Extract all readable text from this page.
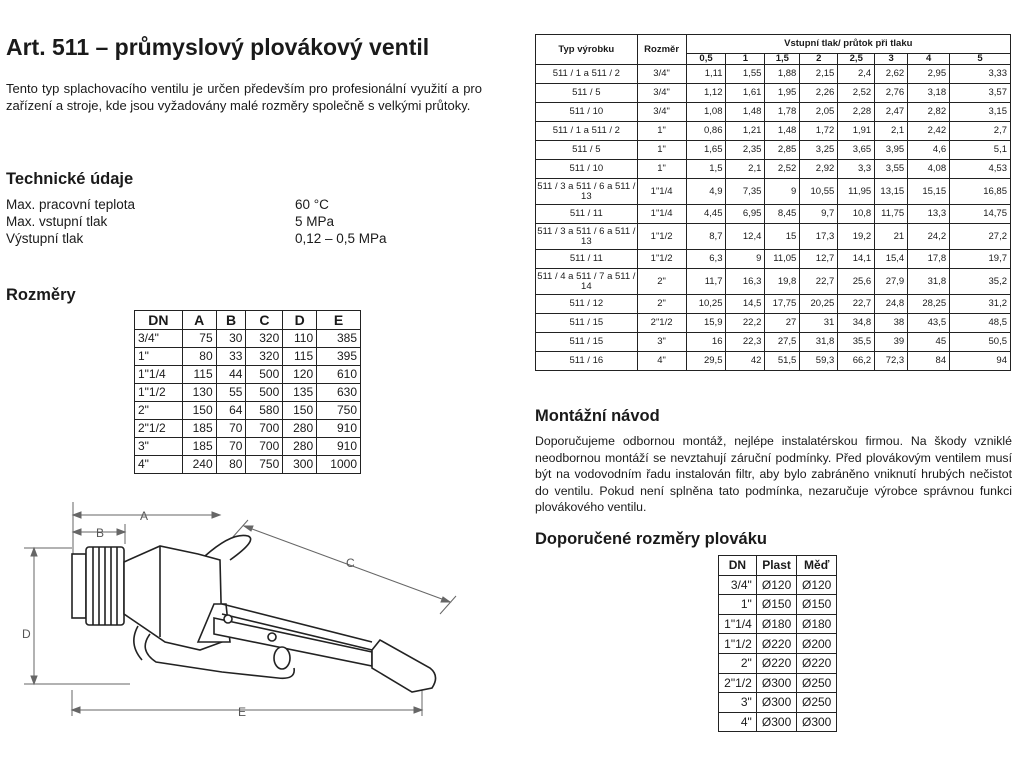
Art. 511 – průmyslový plovákový ventil

Tento typ splachovacího ventilu je určen především pro profesionální využití a pro zařízení a stroje, kde jsou vyžadovány malé rozměry společně s velkými průtoky.

Technické údaje
Max. pracovní teplota	60 °C
Max. vstupní tlak	5 MPa
Výstupní tlak	0,12 – 0,5 MPa
Rozměry
DN	A	B	C	D	E
3/4"	75	30	320	110	385
1"	80	33	320	115	395
1"1/4	115	44	500	120	610
1"1/2	130	55	500	135	630
2"	150	64	580	150	750
2"1/2	185	70	700	280	910
3"	185	70	700	280	910
4"	240	80	750	300	1000
A
B
C
D
E
Typ výrobku	Rozměr	Vstupní tlak/ průtok při tlaku							
		0,5	1	1,5	2	2,5	3	4	5
511 / 1 a 511 / 2	3/4"	1,11	1,55	1,88	2,15	2,4	2,62	2,95	3,33
511 / 5	3/4"	1,12	1,61	1,95	2,26	2,52	2,76	3,18	3,57
511 / 10	3/4"	1,08	1,48	1,78	2,05	2,28	2,47	2,82	3,15
511 / 1 a 511 / 2	1"	0,86	1,21	1,48	1,72	1,91	2,1	2,42	2,7
511 / 5	1"	1,65	2,35	2,85	3,25	3,65	3,95	4,6	5,1
511 / 10	1"	1,5	2,1	2,52	2,92	3,3	3,55	4,08	4,53
511 / 3 a 511 / 6 a 511 / 13	1"1/4	4,9	7,35	9	10,55	11,95	13,15	15,15	16,85
511 / 11	1"1/4	4,45	6,95	8,45	9,7	10,8	11,75	13,3	14,75
511 / 3 a 511 / 6 a 511 / 13	1"1/2	8,7	12,4	15	17,3	19,2	21	24,2	27,2
511 / 11	1"1/2	6,3	9	11,05	12,7	14,1	15,4	17,8	19,7
511 / 4 a 511 / 7 a 511 / 14	2"	11,7	16,3	19,8	22,7	25,6	27,9	31,8	35,2
511 / 12	2"	10,25	14,5	17,75	20,25	22,7	24,8	28,25	31,2
511 / 15	2"1/2	15,9	22,2	27	31	34,8	38	43,5	48,5
511 / 15	3"	16	22,3	27,5	31,8	35,5	39	45	50,5
511 / 16	4"	29,5	42	51,5	59,3	66,2	72,3	84	94
Montážní návod

Doporučujeme odbornou montáž, nejlépe instalatérskou firmou. Na škody vzniklé neodbornou montáží se nevztahují záruční podmínky. Před plovákovým ventilem musí být na vodovodním řadu instalován filtr, aby bylo zabráněno vniknutí hrubých nečistot do ventilu. Pokud není splněna tato podmínka, nezaručuje výrobce správnou funkci plovákového ventilu.

Doporučené rozměry plováku
DN	Plast	Měď
3/4"	Ø120	Ø120
1"	Ø150	Ø150
1"1/4	Ø180	Ø180
1"1/2	Ø220	Ø200
2"	Ø220	Ø220
2"1/2	Ø300	Ø250
3"	Ø300	Ø250
4"	Ø300	Ø300
